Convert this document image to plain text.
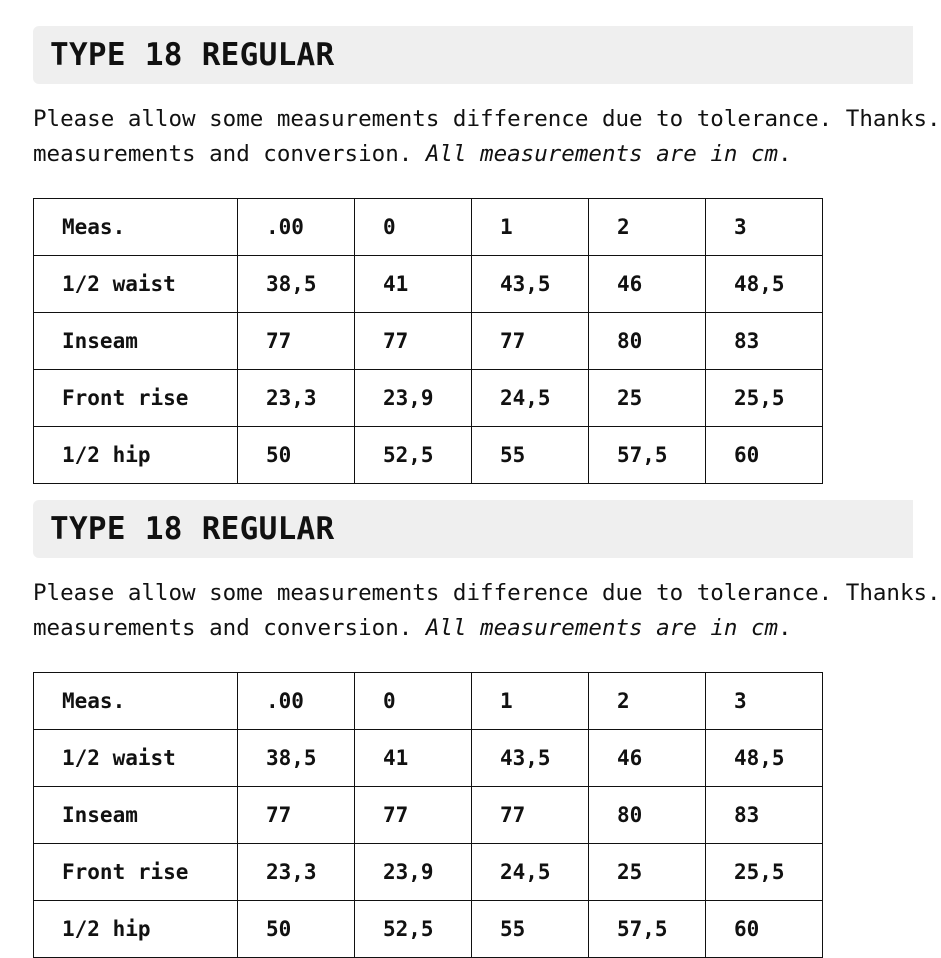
TYPE 18 REGULAR

Please allow some measurements difference due to tolerance. Thanks.
measurements and conversion. All measurements are in cm.

Meas.	.00	0	1	2	3
1/2 waist	38,5	41	43,5	46	48,5
Inseam	77	77	77	80	83
Front rise	23,3	23,9	24,5	25	25,5
1/2 hip	50	52,5	55	57,5	60
TYPE 18 REGULAR

Please allow some measurements difference due to tolerance. Thanks.
measurements and conversion. All measurements are in cm.

Meas.	.00	0	1	2	3
1/2 waist	38,5	41	43,5	46	48,5
Inseam	77	77	77	80	83
Front rise	23,3	23,9	24,5	25	25,5
1/2 hip	50	52,5	55	57,5	60
